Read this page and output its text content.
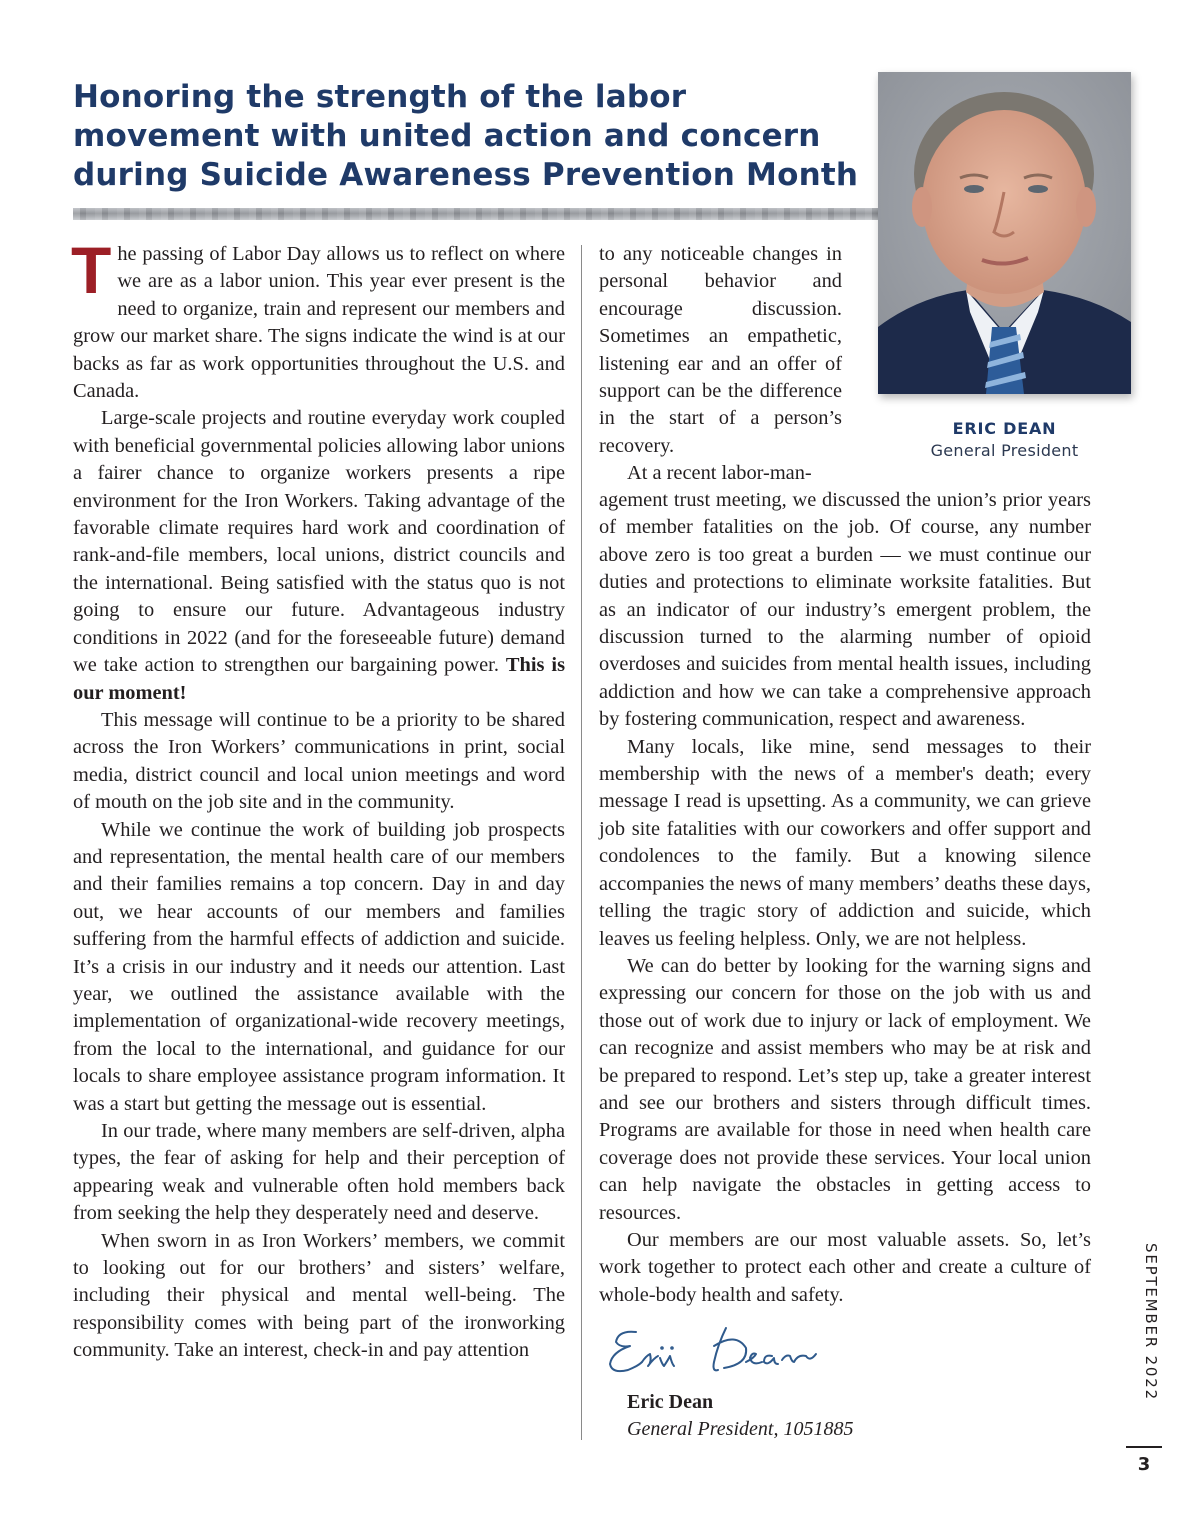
Honoring the strength of the labor
movement with united action and concern
during Suicide Awareness Prevention Month
ERIC DEAN
General President

The passing of Labor Day allows us to reflect on where we are as a labor union. This year ever present is the need to organize, train and represent our members and grow our market share. The signs indicate the wind is at our backs as far as work opportunities throughout the U.S. and Canada.

Large-scale projects and routine everyday work coupled with beneficial governmental policies allowing labor unions a fairer chance to organize workers presents a ripe environment for the Iron Workers. Taking advantage of the favorable climate requires hard work and coordination of rank-and-file members, local unions, district councils and the international. Being satisfied with the status quo is not going to ensure our future. Advantageous industry conditions in 2022 (and for the foreseeable future) demand we take action to strengthen our bargaining power. This is our moment!

This message will continue to be a priority to be shared across the Iron Workers’ communications in print, social media, district council and local union meetings and word of mouth on the job site and in the community.

While we continue the work of building job prospects and representation, the mental health care of our members and their families remains a top concern. Day in and day out, we hear accounts of our members and families suffering from the harmful effects of addiction and suicide. It’s a crisis in our industry and it needs our attention. Last year, we outlined the assistance available with the implementation of organizational-wide recovery meetings, from the local to the international, and guidance for our locals to share employee assistance program information. It was a start but getting the message out is essential.

In our trade, where many members are self-driven, alpha types, the fear of asking for help and their perception of appearing weak and vulnerable often hold members back from seeking the help they desperately need and deserve.

When sworn in as Iron Workers’ members, we commit to looking out for our brothers’ and sisters’ welfare, including their physical and mental well-being. The responsibility comes with being part of the ironworking community. Take an interest, check-in and pay attention

to any noticeable changes in personal behavior and encourage discussion. Sometimes an empathetic, listening ear and an offer of support can be the difference in the start of a person’s recovery.

At a recent labor-man-

agement trust meeting, we discussed the union’s prior years of member fatalities on the job. Of course, any number above zero is too great a burden — we must continue our duties and protections to eliminate worksite fatalities. But as an indicator of our industry’s emergent problem, the discussion turned to the alarming number of opioid overdoses and suicides from mental health issues, including addiction and how we can take a comprehensive approach by fostering communication, respect and awareness.

Many locals, like mine, send messages to their membership with the news of a member's death; every message I read is upsetting. As a community, we can grieve job site fatalities with our coworkers and offer support and condolences to the family. But a knowing silence accompanies the news of many members’ deaths these days, telling the tragic story of addiction and suicide, which leaves us feeling helpless. Only, we are not helpless.

We can do better by looking for the warning signs and expressing our concern for those on the job with us and those out of work due to injury or lack of employment. We can recognize and assist members who may be at risk and be prepared to respond. Let’s step up, take a greater interest and see our brothers and sisters through difficult times. Programs are available for those in need when health care coverage does not provide these services. Your local union can help navigate the obstacles in getting access to resources.

Our members are our most valuable assets. So, let’s work together to protect each other and create a culture of whole-body health and safety.

Eric Dean
General President, 1051885
SEPTEMBER 2022
3
